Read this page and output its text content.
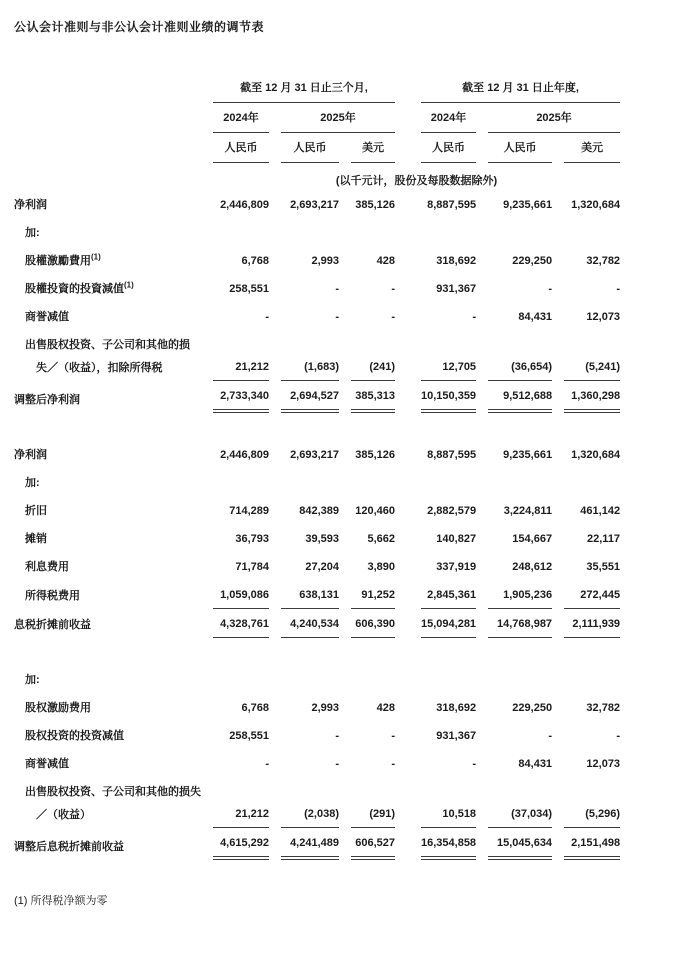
公认会计准则与非公认会计准则业绩的调节表
	截至 12 月 31 日止三个月,				截至 12 月 31 日止年度,		
	2024年	2025年			2024年	2025年	
	人民币	人民币	美元		人民币	人民币	美元
	(以千元计，股份及每股数据除外)						
净利润	2,446,809	2,693,217	385,126		8,887,595	9,235,661	1,320,684
加:							
股權激勵費用$^{(1)}$	6,768	2,993	428		318,692	229,250	32,782
股權投資的投資減值$^{(1)}$	258,551	-	-		931,367	-	-
商誉减值	-	-	-		-	84,431	12,073
出售股权投资、子公司和其他的损							
失／（收益），扣除所得税	21,212	(1,683)	(241)		12,705	(36,654)	(5,241)
调整后净利润	2,733,340	2,694,527	385,313		10,150,359	9,512,688	1,360,298

净利润	2,446,809	2,693,217	385,126		8,887,595	9,235,661	1,320,684
加:							
折旧	714,289	842,389	120,460		2,882,579	3,224,811	461,142
摊销	36,793	39,593	5,662		140,827	154,667	22,117
利息费用	71,784	27,204	3,890		337,919	248,612	35,551
所得税费用	1,059,086	638,131	91,252		2,845,361	1,905,236	272,445
息税折摊前收益	4,328,761	4,240,534	606,390		15,094,281	14,768,987	2,111,939

加:							
股权激励费用	6,768	2,993	428		318,692	229,250	32,782
股权投资的投资减值	258,551	-	-		931,367	-	-
商誉减值	-	-	-		-	84,431	12,073
出售股权投资、子公司和其他的损失							
／（收益）	21,212	(2,038)	(291)		10,518	(37,034)	(5,296)
调整后息税折摊前收益	4,615,292	4,241,489	606,527		16,354,858	15,045,634	2,151,498

(1) 所得税净额为零
